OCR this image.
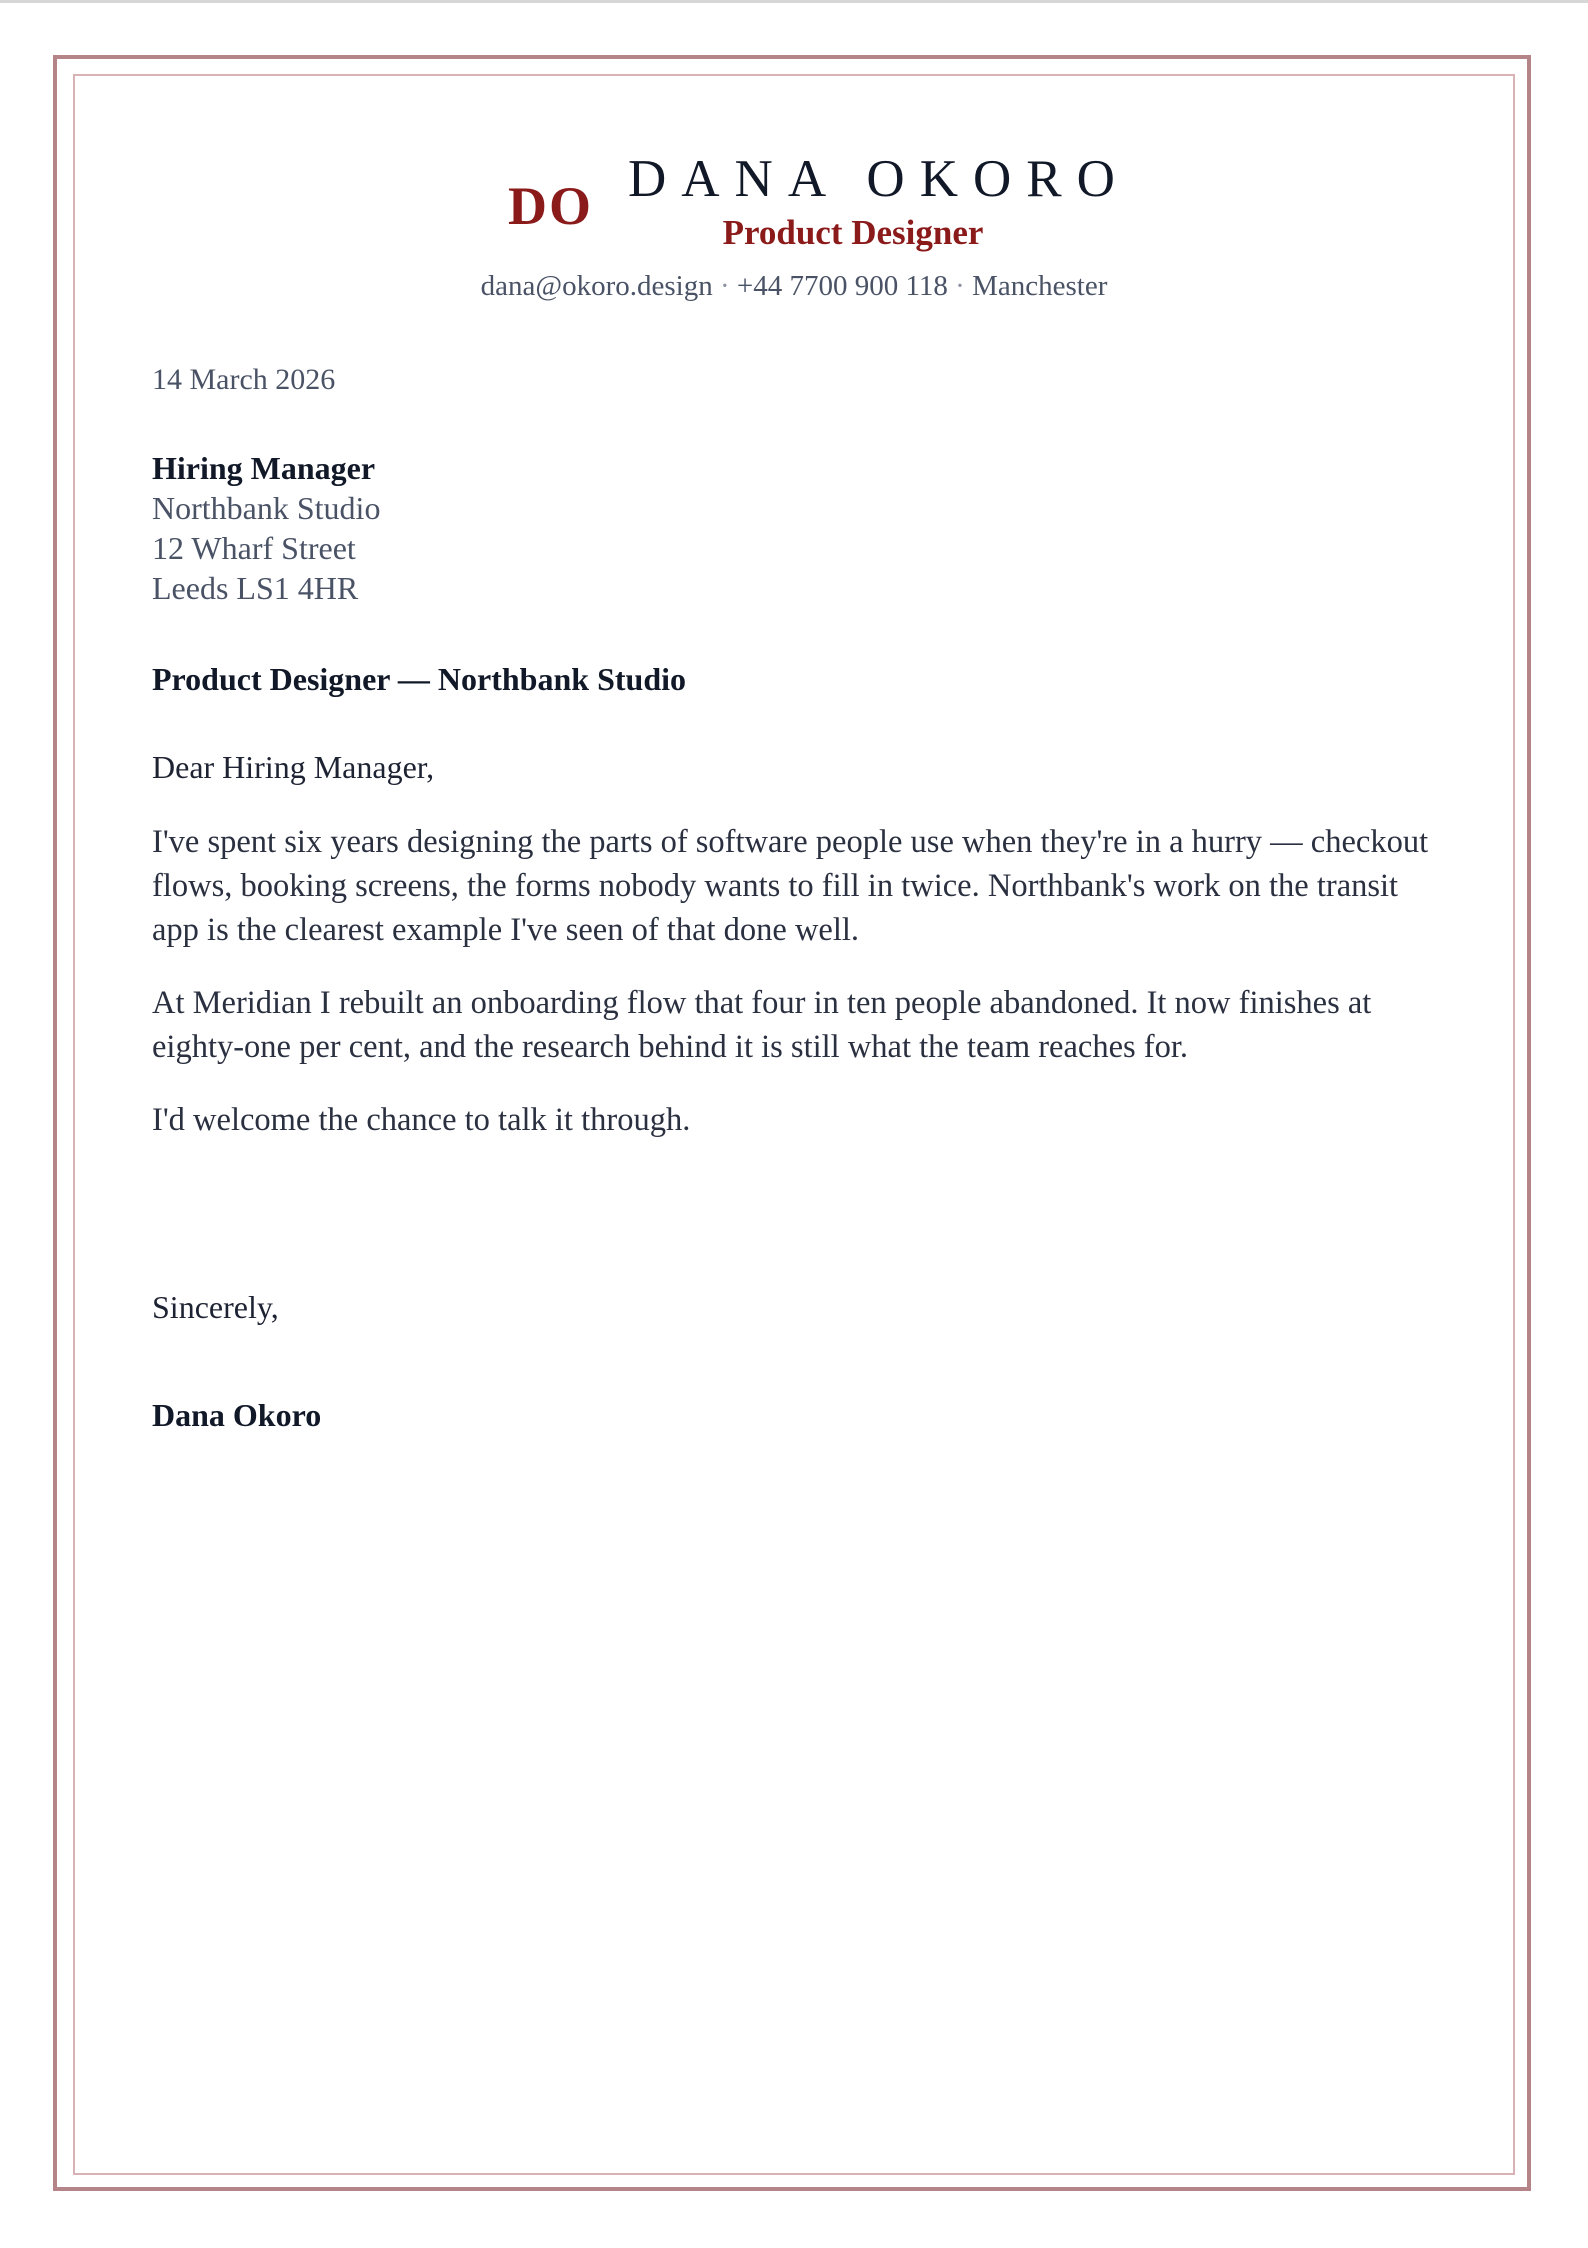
DO DANA OKORO
Product Designer
dana@okoro.design · +44 7700 900 118 · Manchester
14 March 2026
Hiring Manager
Northbank Studio
12 Wharf Street
Leeds LS1 4HR
Product Designer — Northbank Studio
Dear Hiring Manager,

I've spent six years designing the parts of software people use when they're in a hurry — checkout flows, booking screens, the forms nobody wants to fill in twice. Northbank's work on the transit app is the clearest example I've seen of that done well.

At Meridian I rebuilt an onboarding flow that four in ten people abandoned. It now finishes at eighty-one per cent, and the research behind it is still what the team reaches for.

I'd welcome the chance to talk it through.

Sincerely,
Dana Okoro
